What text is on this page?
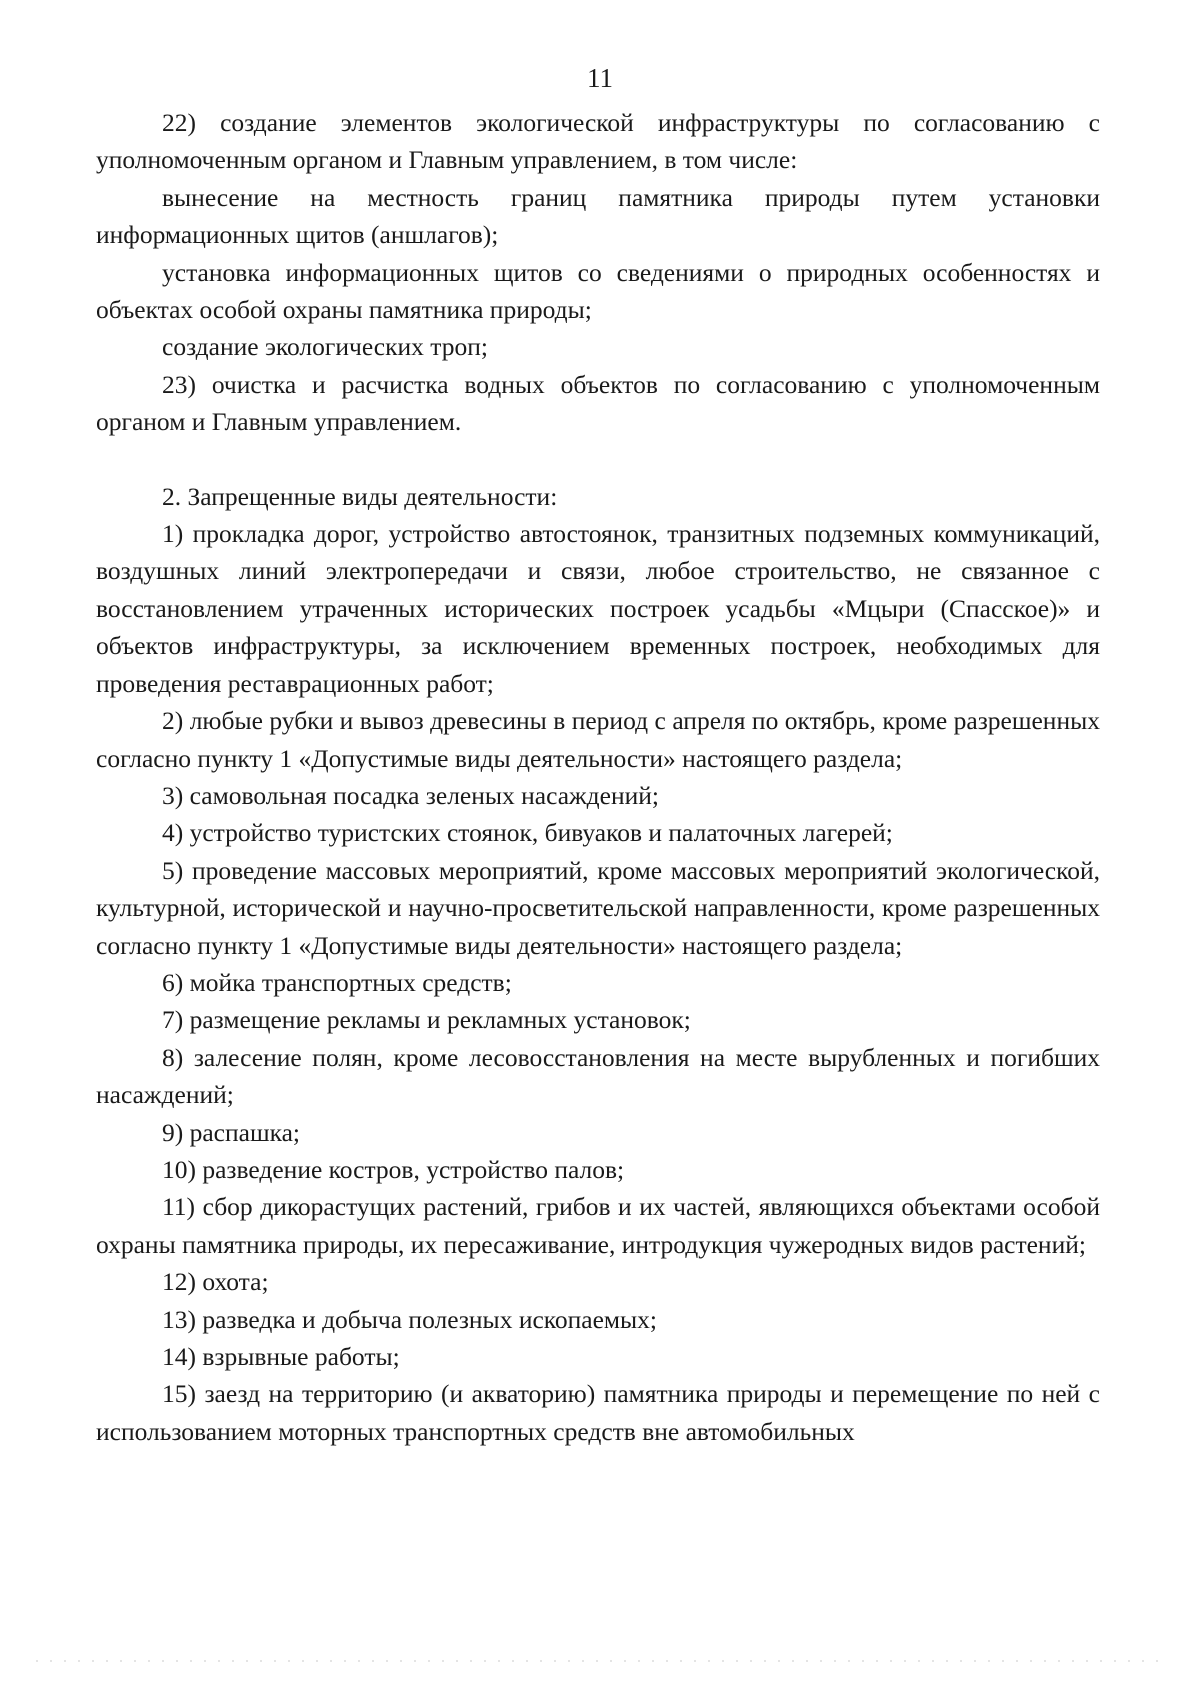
11

22) создание элементов экологической инфраструктуры по согласованию с уполномоченным органом и Главным управлением, в том числе:

вынесение на местность границ памятника природы путем установки информационных щитов (аншлагов);

установка информационных щитов со сведениями о природных особенностях и объектах особой охраны памятника природы;

создание экологических троп;

23) очистка и расчистка водных объектов по согласованию с уполномоченным органом и Главным управлением.

2. Запрещенные виды деятельности:

1) прокладка дорог, устройство автостоянок, транзитных подземных коммуникаций, воздушных линий электропередачи и связи, любое строительство, не связанное с восстановлением утраченных исторических построек усадьбы «Мцыри (Спасское)» и объектов инфраструктуры, за исключением временных построек, необходимых для проведения реставрационных работ;

2) любые рубки и вывоз древесины в период с апреля по октябрь, кроме разрешенных согласно пункту 1 «Допустимые виды деятельности» настоящего раздела;

3) самовольная посадка зеленых насаждений;

4) устройство туристских стоянок, бивуаков и палаточных лагерей;

5) проведение массовых мероприятий, кроме массовых мероприятий экологической, культурной, исторической и научно-просветительской направленности, кроме разрешенных согласно пункту 1 «Допустимые виды деятельности» настоящего раздела;

6) мойка транспортных средств;

7) размещение рекламы и рекламных установок;

8) залесение полян, кроме лесовосстановления на месте вырубленных и погибших насаждений;

9) распашка;

10) разведение костров, устройство палов;

11) сбор дикорастущих растений, грибов и их частей, являющихся объектами особой охраны памятника природы, их пересаживание, интродукция чужеродных видов растений;

12) охота;

13) разведка и добыча полезных ископаемых;

14) взрывные работы;

15) заезд на территорию (и акваторию) памятника природы и перемещение по ней с использованием моторных транспортных средств вне автомобильных
